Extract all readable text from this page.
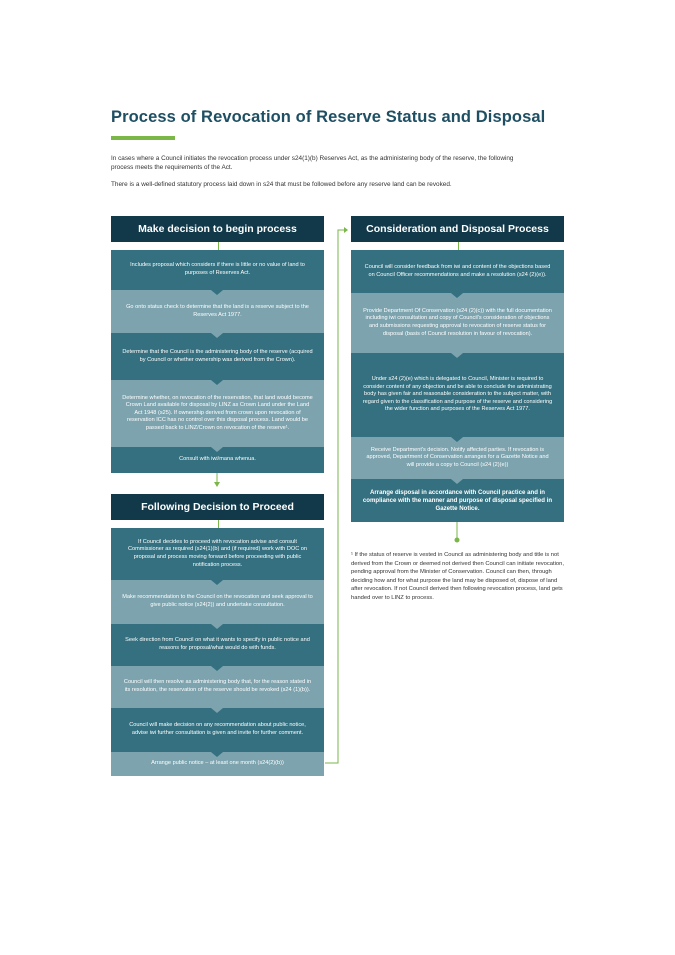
Process of Revocation of Reserve Status and Disposal
In cases where a Council initiates the revocation process under s24(1)(b) Reserves Act, as the administering body of the reserve, the following process meets the requirements of the Act.
There is a well-defined statutory process laid down in s24 that must be followed before any reserve land can be revoked.
Make decision to begin process
Includes proposal which considers if there is little or no value of land to purposes of Reserves Act.
Go onto status check to determine that the land is a reserve subject to the Reserves Act 1977.
Determine that the Council is the administering body of the reserve (acquired by Council or whether ownership was derived from the Crown).
Determine whether, on revocation of the reservation, that land would become Crown Land available for disposal by LINZ as Crown Land under the Land Act 1948 (s25). If ownership derived from crown upon revocation of reservation ICC has no control over this disposal process. Land would be passed back to LINZ/Crown on revocation of the reserve¹.
Consult with iwi/mana whenua.
Following Decision to Proceed
If Council decides to proceed with revocation advise and consult Commissioner as required (s24(1)(b) and (if required) work with DOC on proposal and process moving forward before proceeding with public notification process.
Make recommendation to the Council on the revocation and seek approval to give public notice (s24(2)) and undertake consultation.
Seek direction from Council on what it wants to specify in public notice and reasons for proposal/what would do with funds.
Council will then resolve as administering body that, for the reason stated in its resolution, the reservation of the reserve should be revoked (s24 (1)(b)).
Council will make decision on any recommendation about public notice, advise iwi further consultation is given and invite for further comment.
Arrange public notice – at least one month (s24(2)(b))
Consideration and Disposal Process
Council will consider feedback from iwi and content of the objections based on Council Officer recommendations and make a resolution (s24 (2)(e)).
Provide Department Of Conservation (s24 (2)(c)) with the full documentation including iwi consultation and copy of Council's consideration of objections and submissions requesting approval to revocation of reserve status for disposal (basis of Council resolution in favour of revocation).
Under s24 (2)(e) which is delegated to Council, Minister is required to consider content of any objection and be able to conclude the administrating body has given fair and reasonable consideration to the subject matter, with regard given to the classification and purpose of the reserve and considering the wider function and purposes of the Reserves Act 1977.
Receive Department's decision. Notify affected parties. If revocation is approved, Department of Conservation arranges for a Gazette Notice and will provide a copy to Council (s24 (2)(e))
Arrange disposal in accordance with Council practice and in compliance with the manner and purpose of disposal specified in Gazette Notice.
¹ If the status of reserve is vested in Council as administering body and title is not derived from the Crown or deemed not derived then Council can initiate revocation, pending approval from the Minister of Conservation. Council can then, through deciding how and for what purpose the land may be disposed of, dispose of land after revocation. If not Council derived then following revocation process, land gets handed over to LINZ to process.
